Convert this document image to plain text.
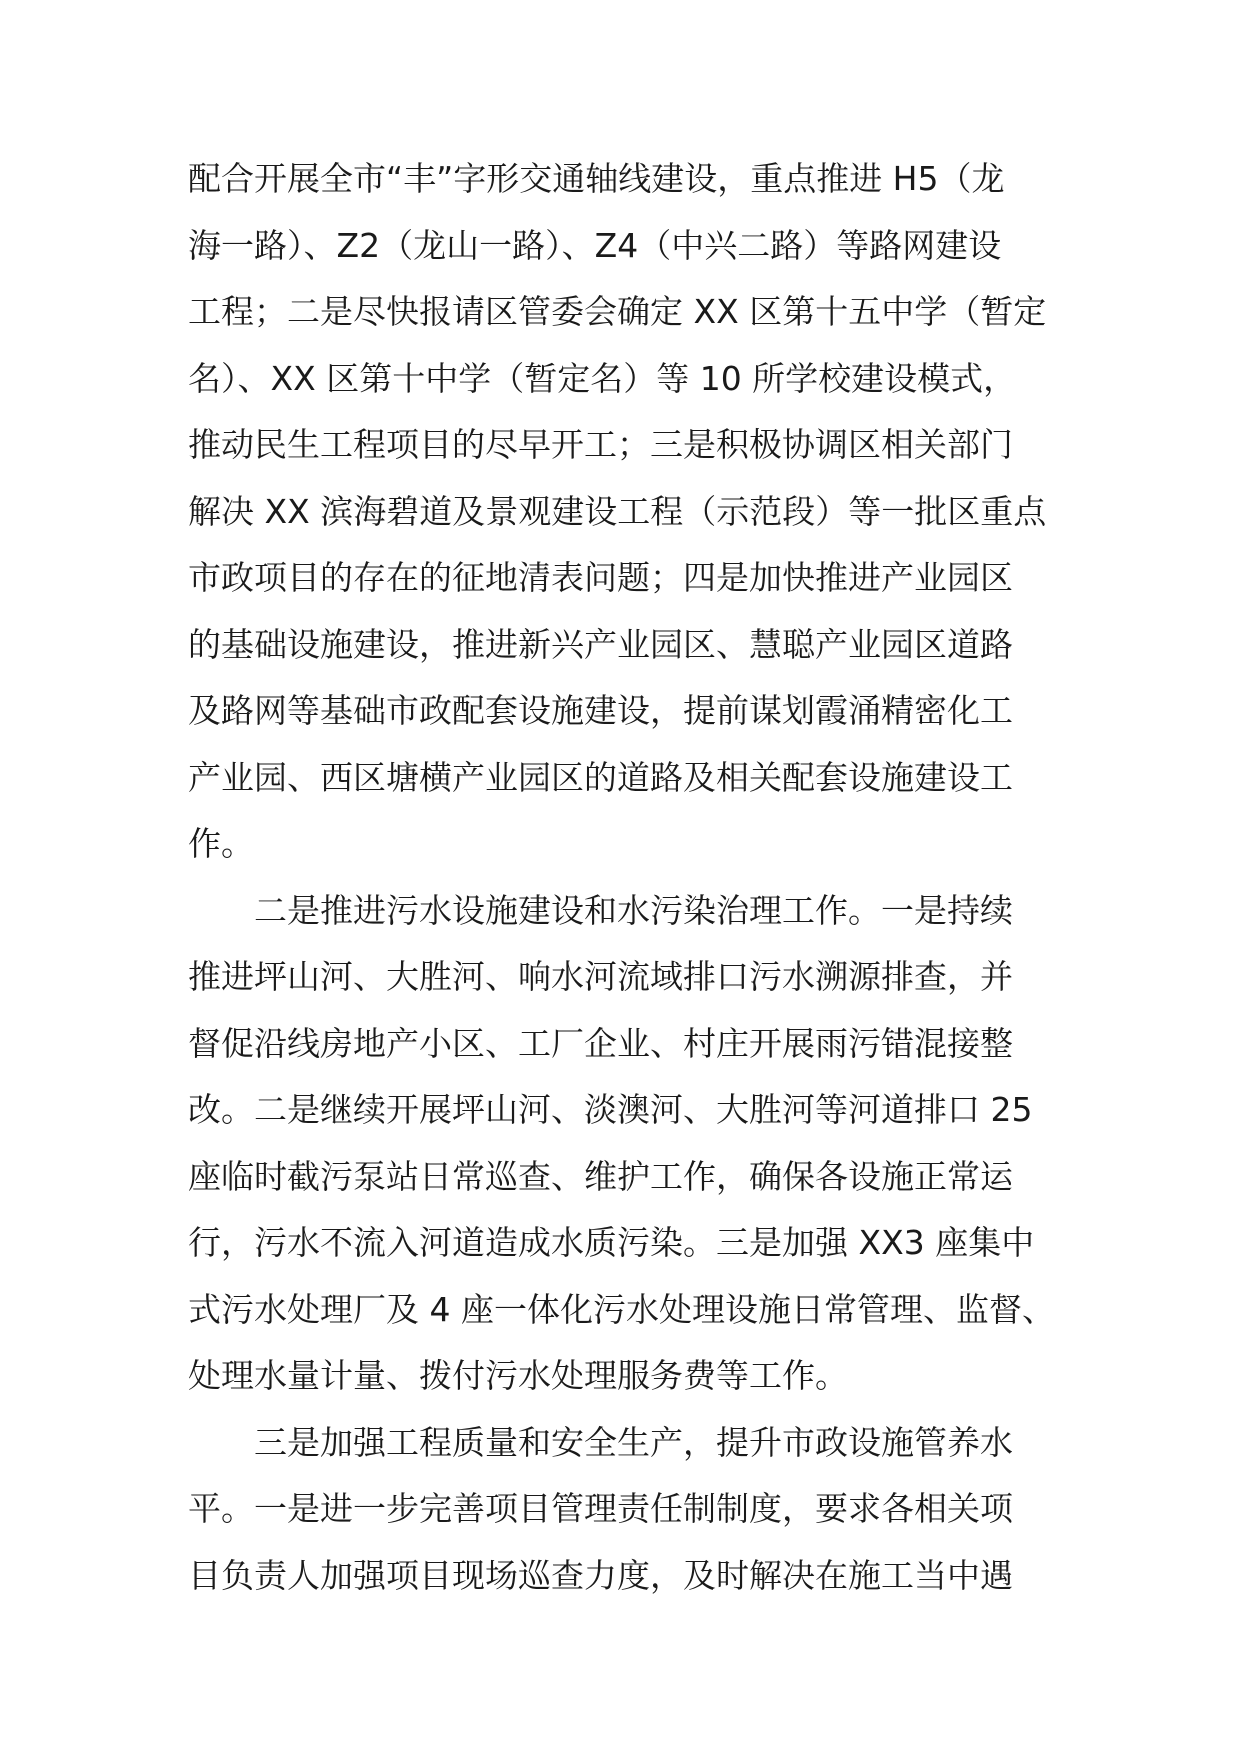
配合开展全市“丰”字形交通轴线建设，重点推进 H5（龙
海一路）、Z2（龙山一路）、Z4（中兴二路）等路网建设
工程；二是尽快报请区管委会确定 XX 区第十五中学（暂定
名）、XX 区第十中学（暂定名）等 10 所学校建设模式，
推动民生工程项目的尽早开工；三是积极协调区相关部门
解决 XX 滨海碧道及景观建设工程（示范段）等一批区重点
市政项目的存在的征地清表问题；四是加快推进产业园区
的基础设施建设，推进新兴产业园区、慧聪产业园区道路
及路网等基础市政配套设施建设，提前谋划霞涌精密化工
产业园、西区塘横产业园区的道路及相关配套设施建设工
作。
二是推进污水设施建设和水污染治理工作。一是持续
推进坪山河、大胜河、响水河流域排口污水溯源排查，并
督促沿线房地产小区、工厂企业、村庄开展雨污错混接整
改。二是继续开展坪山河、淡澳河、大胜河等河道排口 25
座临时截污泵站日常巡查、维护工作，确保各设施正常运
行，污水不流入河道造成水质污染。三是加强 XX3 座集中
式污水处理厂及 4 座一体化污水处理设施日常管理、监督、
处理水量计量、拨付污水处理服务费等工作。
三是加强工程质量和安全生产，提升市政设施管养水
平。一是进一步完善项目管理责任制制度，要求各相关项
目负责人加强项目现场巡查力度，及时解决在施工当中遇
